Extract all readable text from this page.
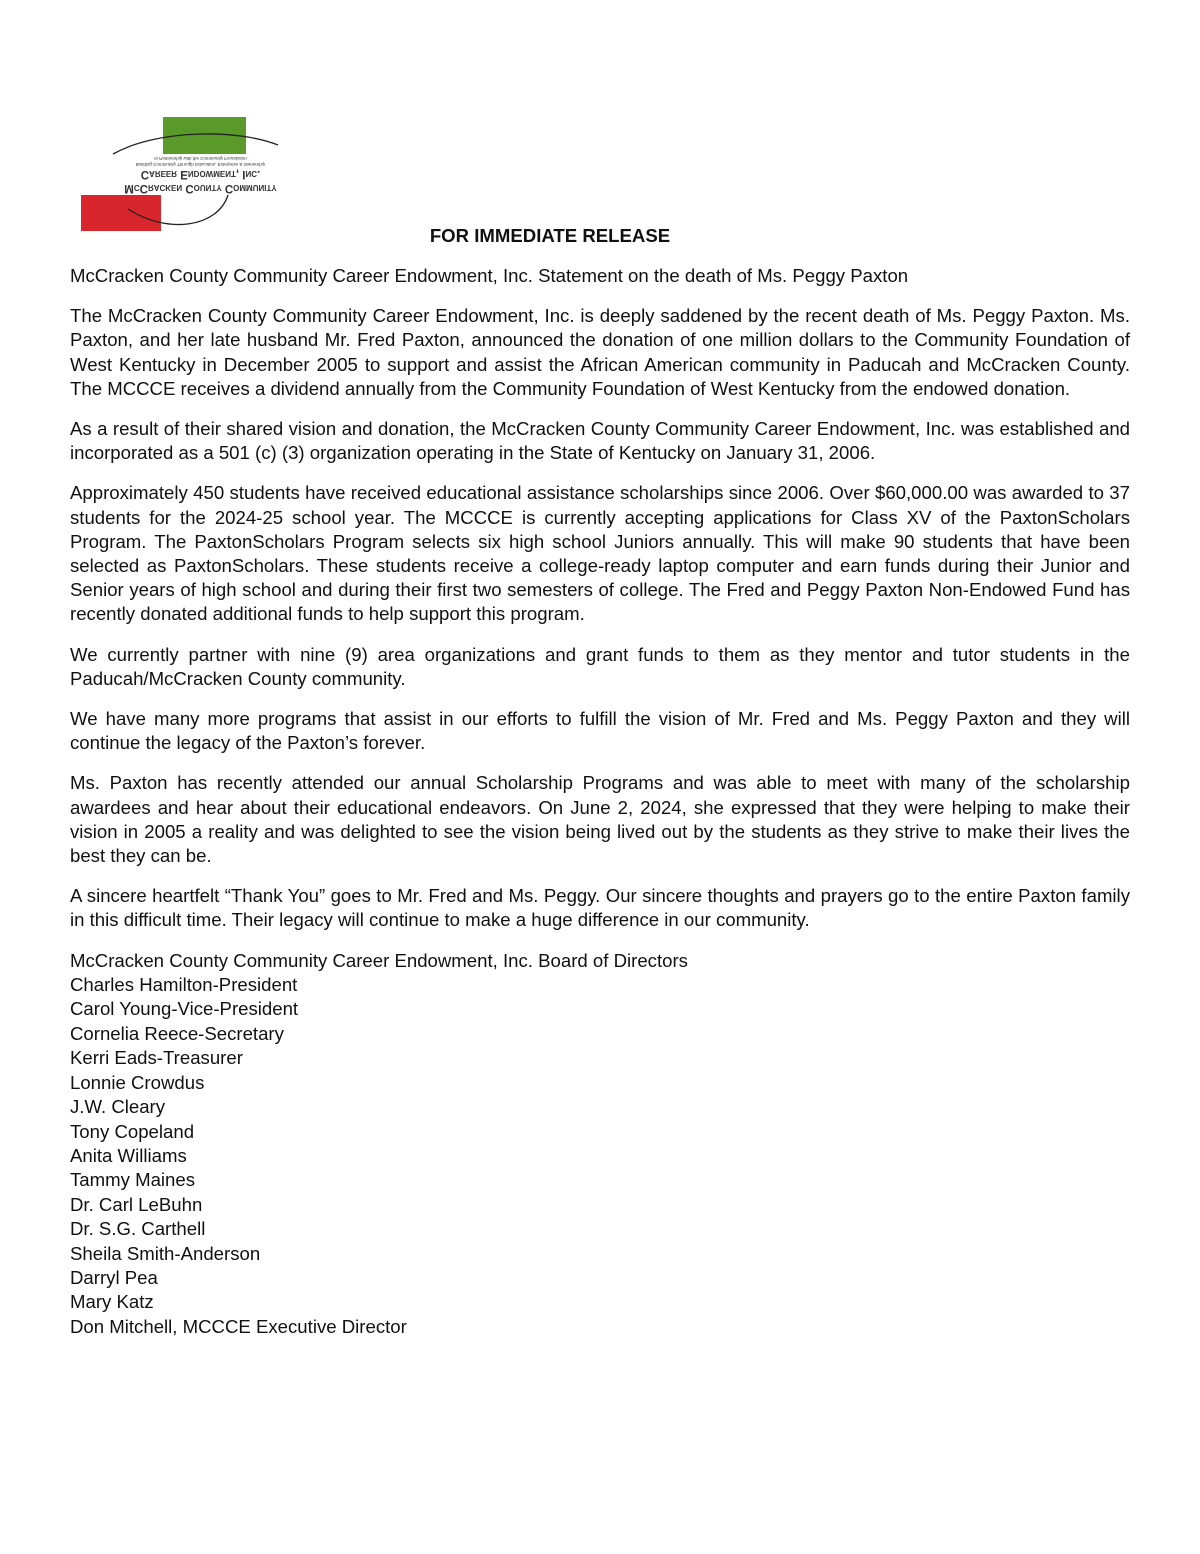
McCracken County Community
Career Endowment, Inc.
Building Community Through Education, Enterprise & Ownership
In Partnership with the Community Foundation
FOR IMMEDIATE RELEASE

McCracken County Community Career Endowment, Inc. Statement on the death of Ms. Peggy Paxton

The McCracken County Community Career Endowment, Inc. is deeply saddened by the recent death of Ms. Peggy Paxton. Ms. Paxton, and her late husband Mr. Fred Paxton, announced the donation of one million dollars to the Community Foundation of West Kentucky in December 2005 to support and assist the African American community in Paducah and McCracken County. The MCCCE receives a dividend annually from the Community Foundation of West Kentucky from the endowed donation.

As a result of their shared vision and donation, the McCracken County Community Career Endowment, Inc. was established and incorporated as a 501 (c) (3) organization operating in the State of Kentucky on January 31, 2006.

Approximately 450 students have received educational assistance scholarships since 2006. Over $60,000.00 was awarded to 37 students for the 2024-25 school year. The MCCCE is currently accepting applications for Class XV of the PaxtonScholars Program. The PaxtonScholars Program selects six high school Juniors annually. This will make 90 students that have been selected as PaxtonScholars. These students receive a college-ready laptop computer and earn funds during their Junior and Senior years of high school and during their first two semesters of college. The Fred and Peggy Paxton Non-Endowed Fund has recently donated additional funds to help support this program.

We currently partner with nine (9) area organizations and grant funds to them as they mentor and tutor students in the Paducah/McCracken County community.

We have many more programs that assist in our efforts to fulfill the vision of Mr. Fred and Ms. Peggy Paxton and they will continue the legacy of the Paxton’s forever.

Ms. Paxton has recently attended our annual Scholarship Programs and was able to meet with many of the scholarship awardees and hear about their educational endeavors. On June 2, 2024, she expressed that they were helping to make their vision in 2005 a reality and was delighted to see the vision being lived out by the students as they strive to make their lives the best they can be.

A sincere heartfelt “Thank You” goes to Mr. Fred and Ms. Peggy. Our sincere thoughts and prayers go to the entire Paxton family in this difficult time. Their legacy will continue to make a huge difference in our community.

McCracken County Community Career Endowment, Inc. Board of Directors
Charles Hamilton-President
Carol Young-Vice-President
Cornelia Reece-Secretary
Kerri Eads-Treasurer
Lonnie Crowdus
J.W. Cleary
Tony Copeland
Anita Williams
Tammy Maines
Dr. Carl LeBuhn
Dr. S.G. Carthell
Sheila Smith-Anderson
Darryl Pea
Mary Katz
Don Mitchell, MCCCE Executive Director
